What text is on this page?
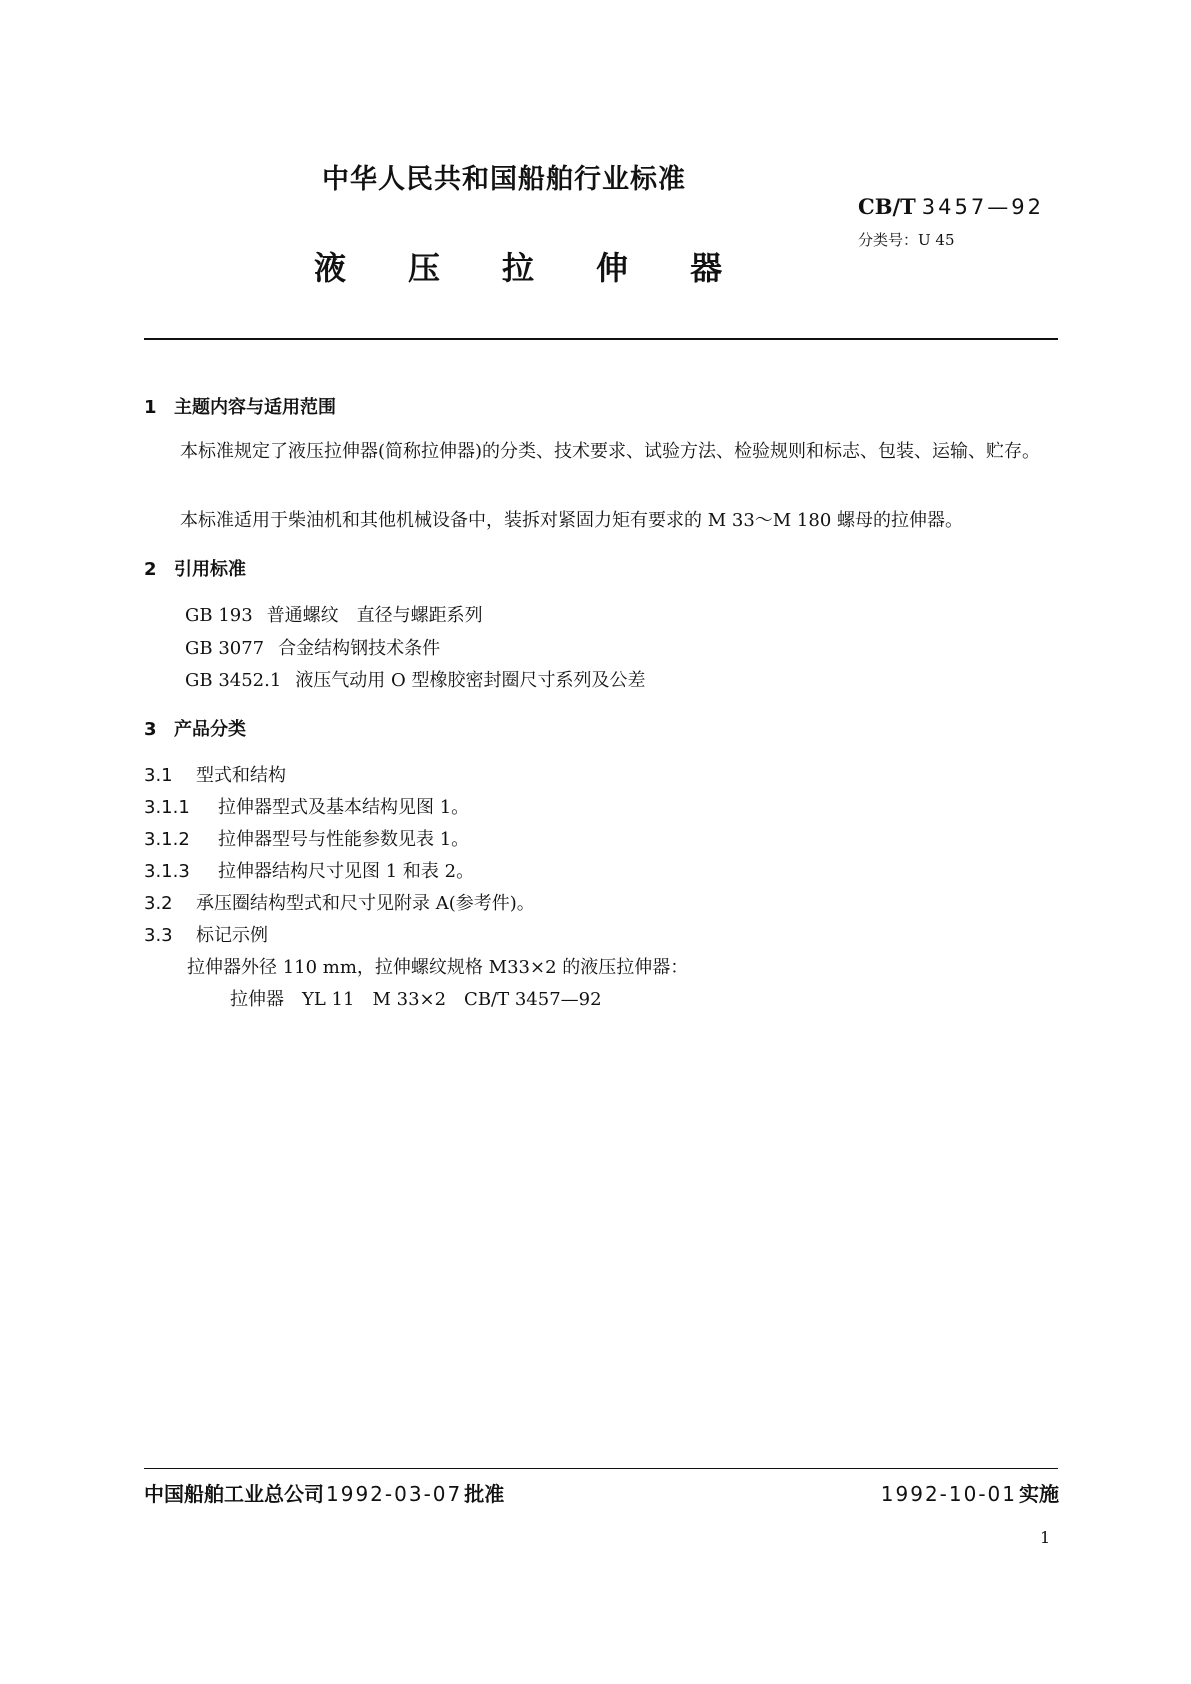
中华人民共和国船舶行业标准
CB/T 3457—92
分类号：U 45
液 压 拉 伸 器
1 主题内容与适用范围
本标准规定了液压拉伸器(简称拉伸器)的分类、技术要求、试验方法、检验规则和标志、包装、运输、贮存。
本标准适用于柴油机和其他机械设备中，装拆对紧固力矩有要求的 M 33～M 180 螺母的拉伸器。
2 引用标准
GB 193 普通螺纹　直径与螺距系列
GB 3077 合金结构钢技术条件
GB 3452.1 液压气动用 O 型橡胶密封圈尺寸系列及公差
3 产品分类
3.1 型式和结构
3.1.1 拉伸器型式及基本结构见图 1。
3.1.2 拉伸器型号与性能参数见表 1。
3.1.3 拉伸器结构尺寸见图 1 和表 2。
3.2 承压圈结构型式和尺寸见附录 A(参考件)。
3.3 标记示例
拉伸器外径 110 mm，拉伸螺纹规格 M33×2 的液压拉伸器：
拉伸器　YL 11　M 33×2　CB/T 3457—92
中国船舶工业总公司 1992-03-07 批准	1992-10-01 实施
1
